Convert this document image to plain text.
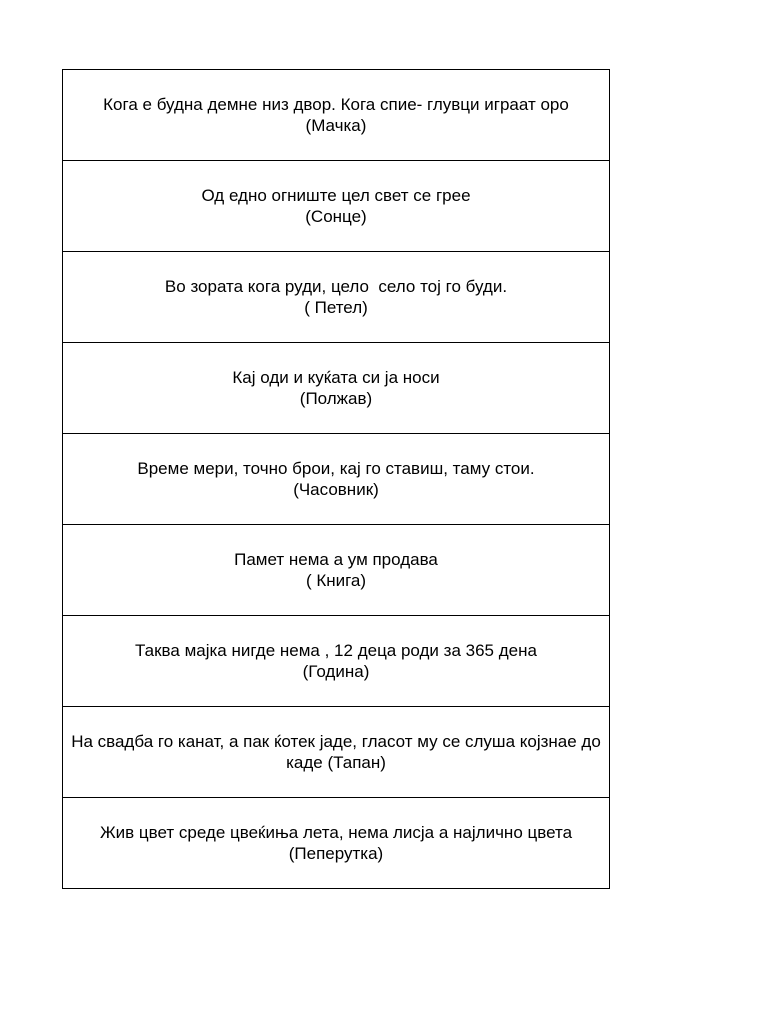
Кога е будна демне низ двор. Кога спие- глувци играат оро
(Мачка)

Од едно огниште цел свет се грее
(Сонце)

Во зората кога руди, цело  село тој го буди.
( Петел)

Кај оди и куќата си ја носи
(Полжав)

Време мери, точно брои, кај го ставиш, таму стои.
(Часовник)

Памет нема а ум продава
( Книга)

Таква мајка нигде нема , 12 деца роди за 365 дена
(Година)

На свадба го канат, а пак ќотек јаде, гласот му се слуша којзнае до каде (Тапан)

Жив цвет среде цвеќиња лета, нема лисја а најлично цвета
(Пеперутка)
